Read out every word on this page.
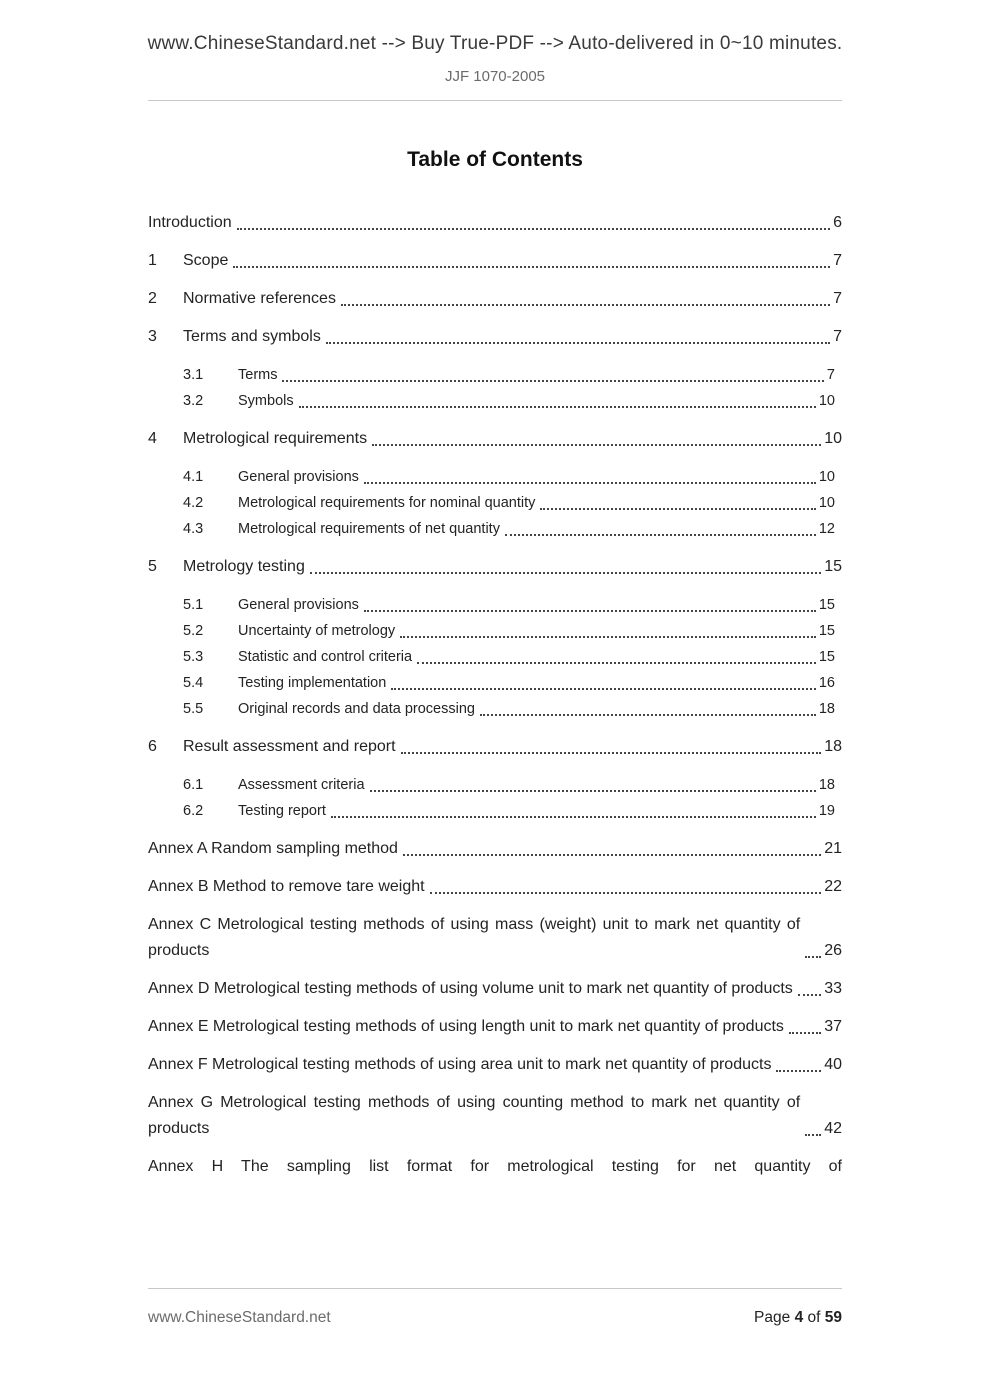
www.ChineseStandard.net --> Buy True-PDF --> Auto-delivered in 0~10 minutes.
JJF 1070-2005
Table of Contents
Introduction	6
1	Scope	7
2	Normative references	7
3	Terms and symbols	7
3.1	Terms	7
3.2	Symbols	10
4	Metrological requirements	10
4.1	General provisions	10
4.2	Metrological requirements for nominal quantity	10
4.3	Metrological requirements of net quantity	12
5	Metrology testing	15
5.1	General provisions	15
5.2	Uncertainty of metrology	15
5.3	Statistic and control criteria	15
5.4	Testing implementation	16
5.5	Original records and data processing	18
6	Result assessment and report	18
6.1	Assessment criteria	18
6.2	Testing report	19
Annex A Random sampling method	21
Annex B Method to remove tare weight	22
Annex C Metrological testing methods of using mass (weight) unit to mark net quantity of products	26
Annex D Metrological testing methods of using volume unit to mark net quantity of products 33
Annex E Metrological testing methods of using length unit to mark net quantity of products	37
Annex F Metrological testing methods of using area unit to mark net quantity of products	40
Annex G Metrological testing methods of using counting method to mark net quantity of products	42
Annex H The sampling list format for metrological testing for net quantity of
www.ChineseStandard.net	Page 4 of 59
